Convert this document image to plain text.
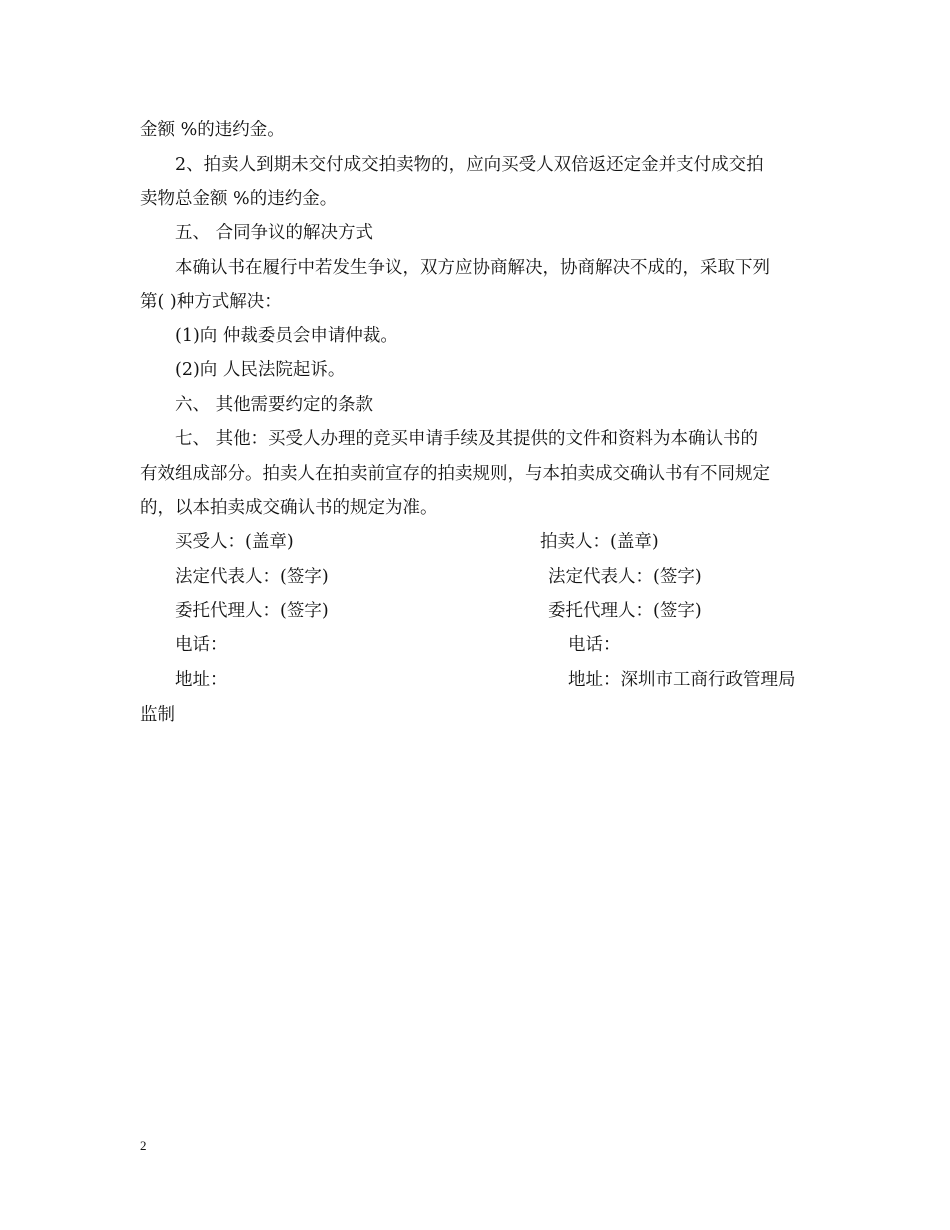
金额 %的违约金。
2、拍卖人到期未交付成交拍卖物的，应向买受人双倍返还定金并支付成交拍
卖物总金额 %的违约金。
五、 合同争议的解决方式
本确认书在履行中若发生争议，双方应协商解决，协商解决不成的，采取下列
第( )种方式解决：
(1)向 仲裁委员会申请仲裁。
(2)向 人民法院起诉。
六、 其他需要约定的条款
七、 其他：买受人办理的竞买申请手续及其提供的文件和资料为本确认书的
有效组成部分。拍卖人在拍卖前宣存的拍卖规则，与本拍卖成交确认书有不同规定
的，以本拍卖成交确认书的规定为准。
买受人：(盖章)
法定代表人：(签字)
委托代理人：(签字)
电话：
地址：
拍卖人：(盖章)
法定代表人：(签字)
委托代理人：(签字)
电话：
地址：深圳市工商行政管理局
监制
2
